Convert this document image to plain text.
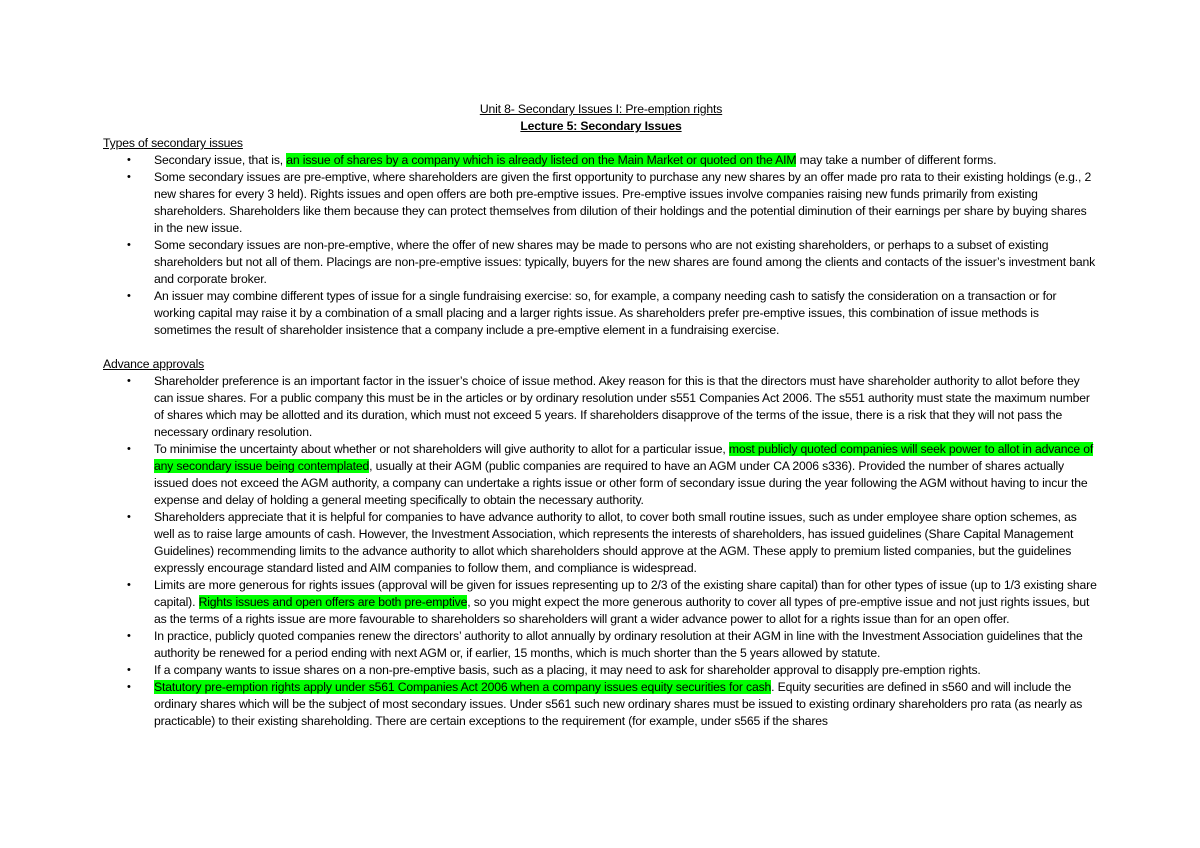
Unit 8- Secondary Issues I: Pre-emption rights
Lecture 5: Secondary Issues
Types of secondary issues
• Secondary issue, that is, an issue of shares by a company which is already listed on the Main Market or quoted on the AIM may take a number of different forms.
• Some secondary issues are pre-emptive, where shareholders are given the first opportunity to purchase any new shares by an offer made pro rata to their existing holdings (e.g., 2 new shares for every 3 held). Rights issues and open offers are both pre-emptive issues. Pre-emptive issues involve companies raising new funds primarily from existing shareholders. Shareholders like them because they can protect themselves from dilution of their holdings and the potential diminution of their earnings per share by buying shares in the new issue.
• Some secondary issues are non-pre-emptive, where the offer of new shares may be made to persons who are not existing shareholders, or perhaps to a subset of existing shareholders but not all of them. Placings are non-pre-emptive issues: typically, buyers for the new shares are found among the clients and contacts of the issuer’s investment bank and corporate broker.
• An issuer may combine different types of issue for a single fundraising exercise: so, for example, a company needing cash to satisfy the consideration on a transaction or for working capital may raise it by a combination of a small placing and a larger rights issue. As shareholders prefer pre-emptive issues, this combination of issue methods is sometimes the result of shareholder insistence that a company include a pre-emptive element in a fundraising exercise.
Advance approvals
• Shareholder preference is an important factor in the issuer’s choice of issue method. Akey reason for this is that the directors must have shareholder authority to allot before they can issue shares. For a public company this must be in the articles or by ordinary resolution under s551 Companies Act 2006. The s551 authority must state the maximum number of shares which may be allotted and its duration, which must not exceed 5 years. If shareholders disapprove of the terms of the issue, there is a risk that they will not pass the necessary ordinary resolution.
• To minimise the uncertainty about whether or not shareholders will give authority to allot for a particular issue, most publicly quoted companies will seek power to allot in advance of any secondary issue being contemplated, usually at their AGM (public companies are required to have an AGM under CA 2006 s336). Provided the number of shares actually issued does not exceed the AGM authority, a company can undertake a rights issue or other form of secondary issue during the year following the AGM without having to incur the expense and delay of holding a general meeting specifically to obtain the necessary authority.
• Shareholders appreciate that it is helpful for companies to have advance authority to allot, to cover both small routine issues, such as under employee share option schemes, as well as to raise large amounts of cash. However, the Investment Association, which represents the interests of shareholders, has issued guidelines (Share Capital Management Guidelines) recommending limits to the advance authority to allot which shareholders should approve at the AGM. These apply to premium listed companies, but the guidelines expressly encourage standard listed and AIM companies to follow them, and compliance is widespread.
• Limits are more generous for rights issues (approval will be given for issues representing up to 2/3 of the existing share capital) than for other types of issue (up to 1/3 existing share capital). Rights issues and open offers are both pre-emptive, so you might expect the more generous authority to cover all types of pre-emptive issue and not just rights issues, but as the terms of a rights issue are more favourable to shareholders so shareholders will grant a wider advance power to allot for a rights issue than for an open offer.
• In practice, publicly quoted companies renew the directors’ authority to allot annually by ordinary resolution at their AGM in line with the Investment Association guidelines that the authority be renewed for a period ending with next AGM or, if earlier, 15 months, which is much shorter than the 5 years allowed by statute.
• If a company wants to issue shares on a non-pre-emptive basis, such as a placing, it may need to ask for shareholder approval to disapply pre-emption rights.
• Statutory pre-emption rights apply under s561 Companies Act 2006 when a company issues equity securities for cash. Equity securities are defined in s560 and will include the ordinary shares which will be the subject of most secondary issues. Under s561 such new ordinary shares must be issued to existing ordinary shareholders pro rata (as nearly as practicable) to their existing shareholding. There are certain exceptions to the requirement (for example, under s565 if the shares
